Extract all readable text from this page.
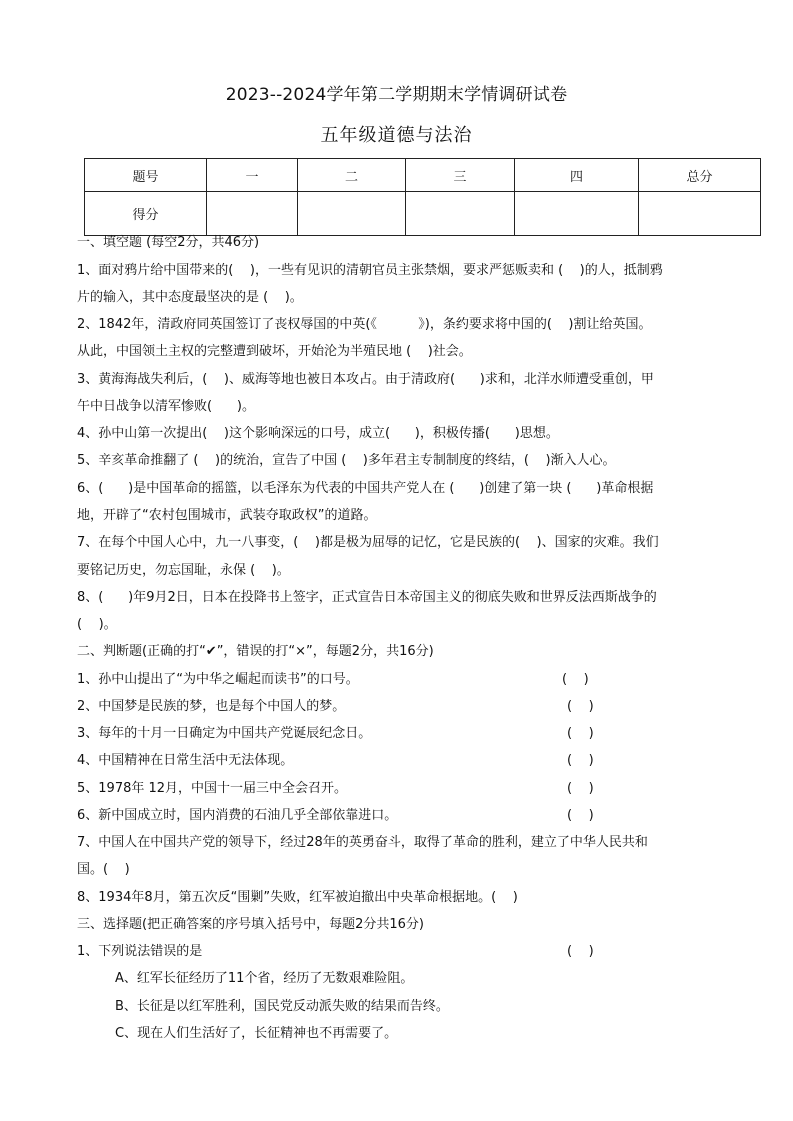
2023--2024学年第二学期期末学情调研试卷
五年级道德与法治
题号	一	二	三	四	总分
得分					
一、填空题 (每空2分，共46分)
1、面对鸦片给中国带来的(    )，一些有见识的清朝官员主张禁烟，要求严惩贩卖和 (    )的人，抵制鸦
片的输入，其中态度最坚决的是 (    )。
2、1842年，清政府同英国签订了丧权辱国的中英(《          》)，条约要求将中国的(    )割让给英国。
从此，中国领土主权的完整遭到破坏，开始沦为半殖民地 (    )社会。
3、黄海海战失利后，(    )、威海等地也被日本攻占。由于清政府(      )求和，北洋水师遭受重创，甲
午中日战争以清军惨败(      )。
4、孙中山第一次提出(    )这个影响深远的口号，成立(      )，积极传播(      )思想。
5、辛亥革命推翻了 (    )的统治，宣告了中国 (    )多年君主专制制度的终结，(    )渐入人心。
6、(      )是中国革命的摇篮，以毛泽东为代表的中国共产党人在 (      )创建了第一块 (      )革命根据
地，开辟了“农村包围城市，武装夺取政权”的道路。
7、在每个中国人心中，九一八事变，(    )都是极为屈辱的记忆，它是民族的(    )、国家的灾难。我们
要铭记历史，勿忘国耻，永保 (    )。
8、(      )年9月2日，日本在投降书上签字，正式宣告日本帝国主义的彻底失败和世界反法西斯战争的
(    )。
二、判断题(正确的打“✔”，错误的打“×”，每题2分，共16分)
1、孙中山提出了“为中华之崛起而读书”的口号。	(    )
2、中国梦是民族的梦，也是每个中国人的梦。	(    )
3、每年的十月一日确定为中国共产党诞辰纪念日。	(    )
4、中国精神在日常生活中无法体现。	(    )
5、1978年 12月，中国十一届三中全会召开。	(    )
6、新中国成立时，国内消费的石油几乎全部依靠进口。	(    )
7、中国人在中国共产党的领导下，经过28年的英勇奋斗，取得了革命的胜利，建立了中华人民共和
国。(    )
8、1934年8月，第五次反“围剿”失败，红军被迫撤出中央革命根据地。(    )
三、选择题(把正确答案的序号填入括号中，每题2分共16分)
1、下列说法错误的是	(    )
A、红军长征经历了11个省，经历了无数艰难险阻。
B、长征是以红军胜利，国民党反动派失败的结果而告终。
C、现在人们生活好了，长征精神也不再需要了。
